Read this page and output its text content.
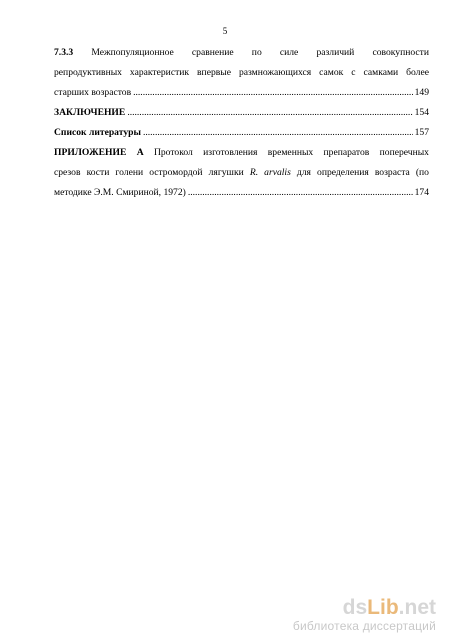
5

7.3.3 Межпопуляционное сравнение по силе различий совокупности

репродуктивных характеристик впервые размножающихся самок с самками более

старших возрастов .....	149
ЗАКЛЮЧЕНИЕ .....	154
Список литературы .....	157

ПРИЛОЖЕНИЕ А Протокол изготовления временных препаратов поперечных

срезов кости голени остромордой лягушки R. arvalis для определения возраста (по

методике Э.М. Смириной, 1972) .....	174
dsLib.net
библиотека диссертаций
